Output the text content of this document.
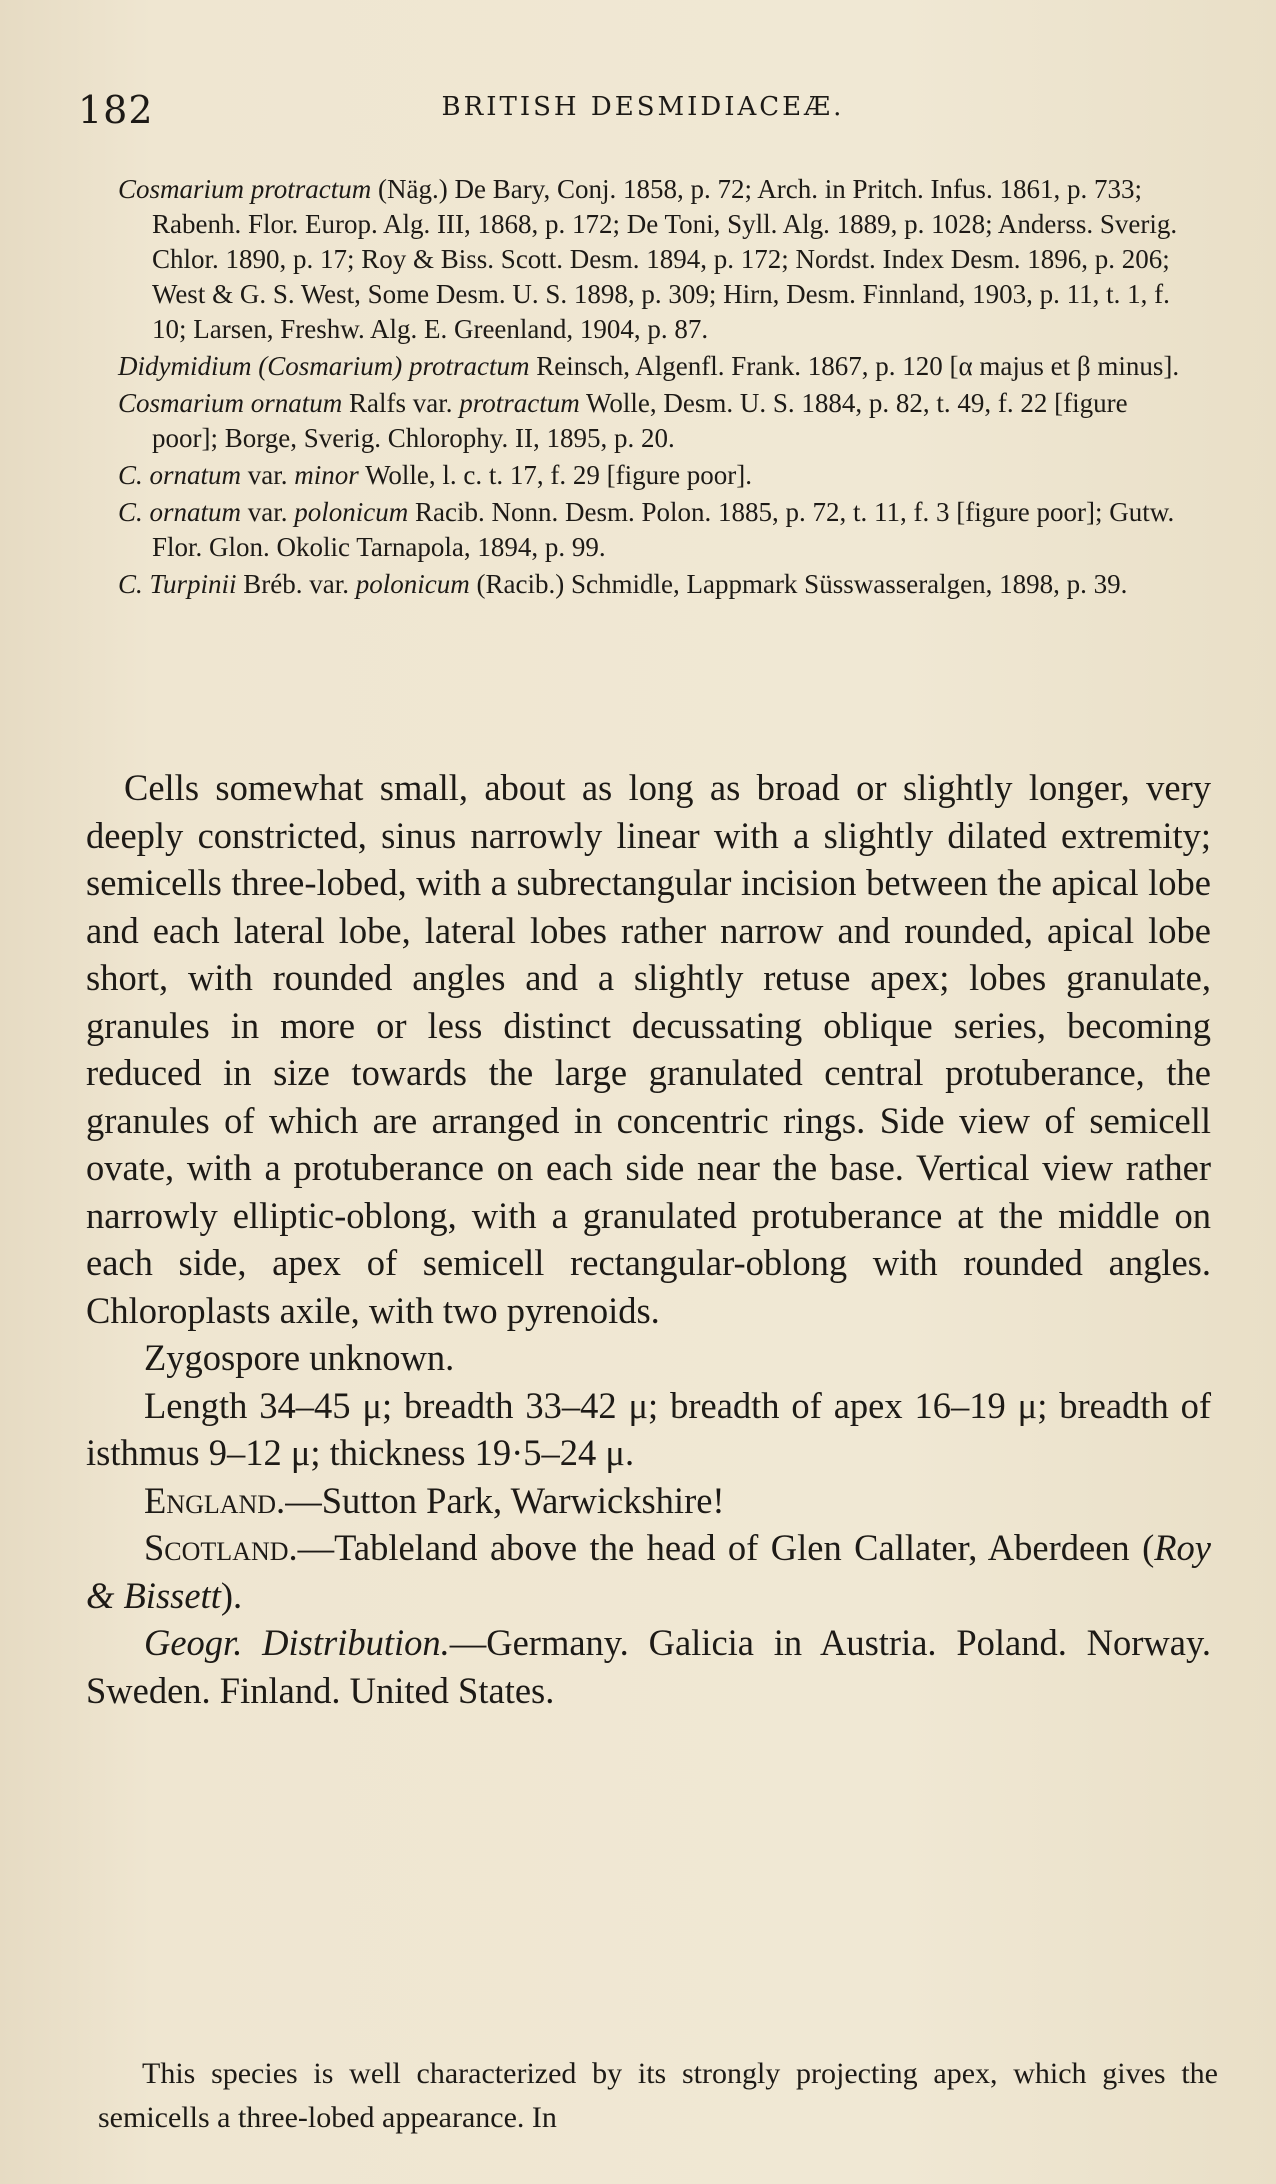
182	BRITISH DESMIDIACEÆ.

Cosmarium protractum (Näg.) De Bary, Conj. 1858, p. 72; Arch. in Pritch. Infus. 1861, p. 733; Rabenh. Flor. Europ. Alg. III, 1868, p. 172; De Toni, Syll. Alg. 1889, p. 1028; Anderss. Sverig. Chlor. 1890, p. 17; Roy & Biss. Scott. Desm. 1894, p. 172; Nordst. Index Desm. 1896, p. 206; West & G. S. West, Some Desm. U. S. 1898, p. 309; Hirn, Desm. Finnland, 1903, p. 11, t. 1, f. 10; Larsen, Freshw. Alg. E. Greenland, 1904, p. 87.

Didymidium (Cosmarium) protractum Reinsch, Algenfl. Frank. 1867, p. 120 [α majus et β minus].

Cosmarium ornatum Ralfs var. protractum Wolle, Desm. U. S. 1884, p. 82, t. 49, f. 22 [figure poor]; Borge, Sverig. Chlorophy. II, 1895, p. 20.

C. ornatum var. minor Wolle, l. c. t. 17, f. 29 [figure poor].

C. ornatum var. polonicum Racib. Nonn. Desm. Polon. 1885, p. 72, t. 11, f. 3 [figure poor]; Gutw. Flor. Glon. Okolic Tarnapola, 1894, p. 99.

C. Turpinii Bréb. var. polonicum (Racib.) Schmidle, Lappmark Süsswasseralgen, 1898, p. 39.

Cells somewhat small, about as long as broad or slightly longer, very deeply constricted, sinus narrowly linear with a slightly dilated extremity; semicells three-lobed, with a subrectangular incision between the apical lobe and each lateral lobe, lateral lobes rather narrow and rounded, apical lobe short, with rounded angles and a slightly retuse apex; lobes granulate, granules in more or less distinct decussating oblique series, becoming reduced in size towards the large granulated central protuberance, the granules of which are arranged in concentric rings. Side view of semicell ovate, with a protuberance on each side near the base. Vertical view rather narrowly elliptic-oblong, with a granulated protuberance at the middle on each side, apex of semicell rectangular-oblong with rounded angles. Chloroplasts axile, with two pyrenoids.

Zygospore unknown.

Length 34–45 μ; breadth 33–42 μ; breadth of apex 16–19 μ; breadth of isthmus 9–12 μ; thickness 19·5–24 μ.

England.—Sutton Park, Warwickshire!

Scotland.—Tableland above the head of Glen Callater, Aberdeen (Roy & Bissett).

Geogr. Distribution.—Germany. Galicia in Austria. Poland. Norway. Sweden. Finland. United States.

This species is well characterized by its strongly projecting apex, which gives the semicells a three-lobed appearance. In
